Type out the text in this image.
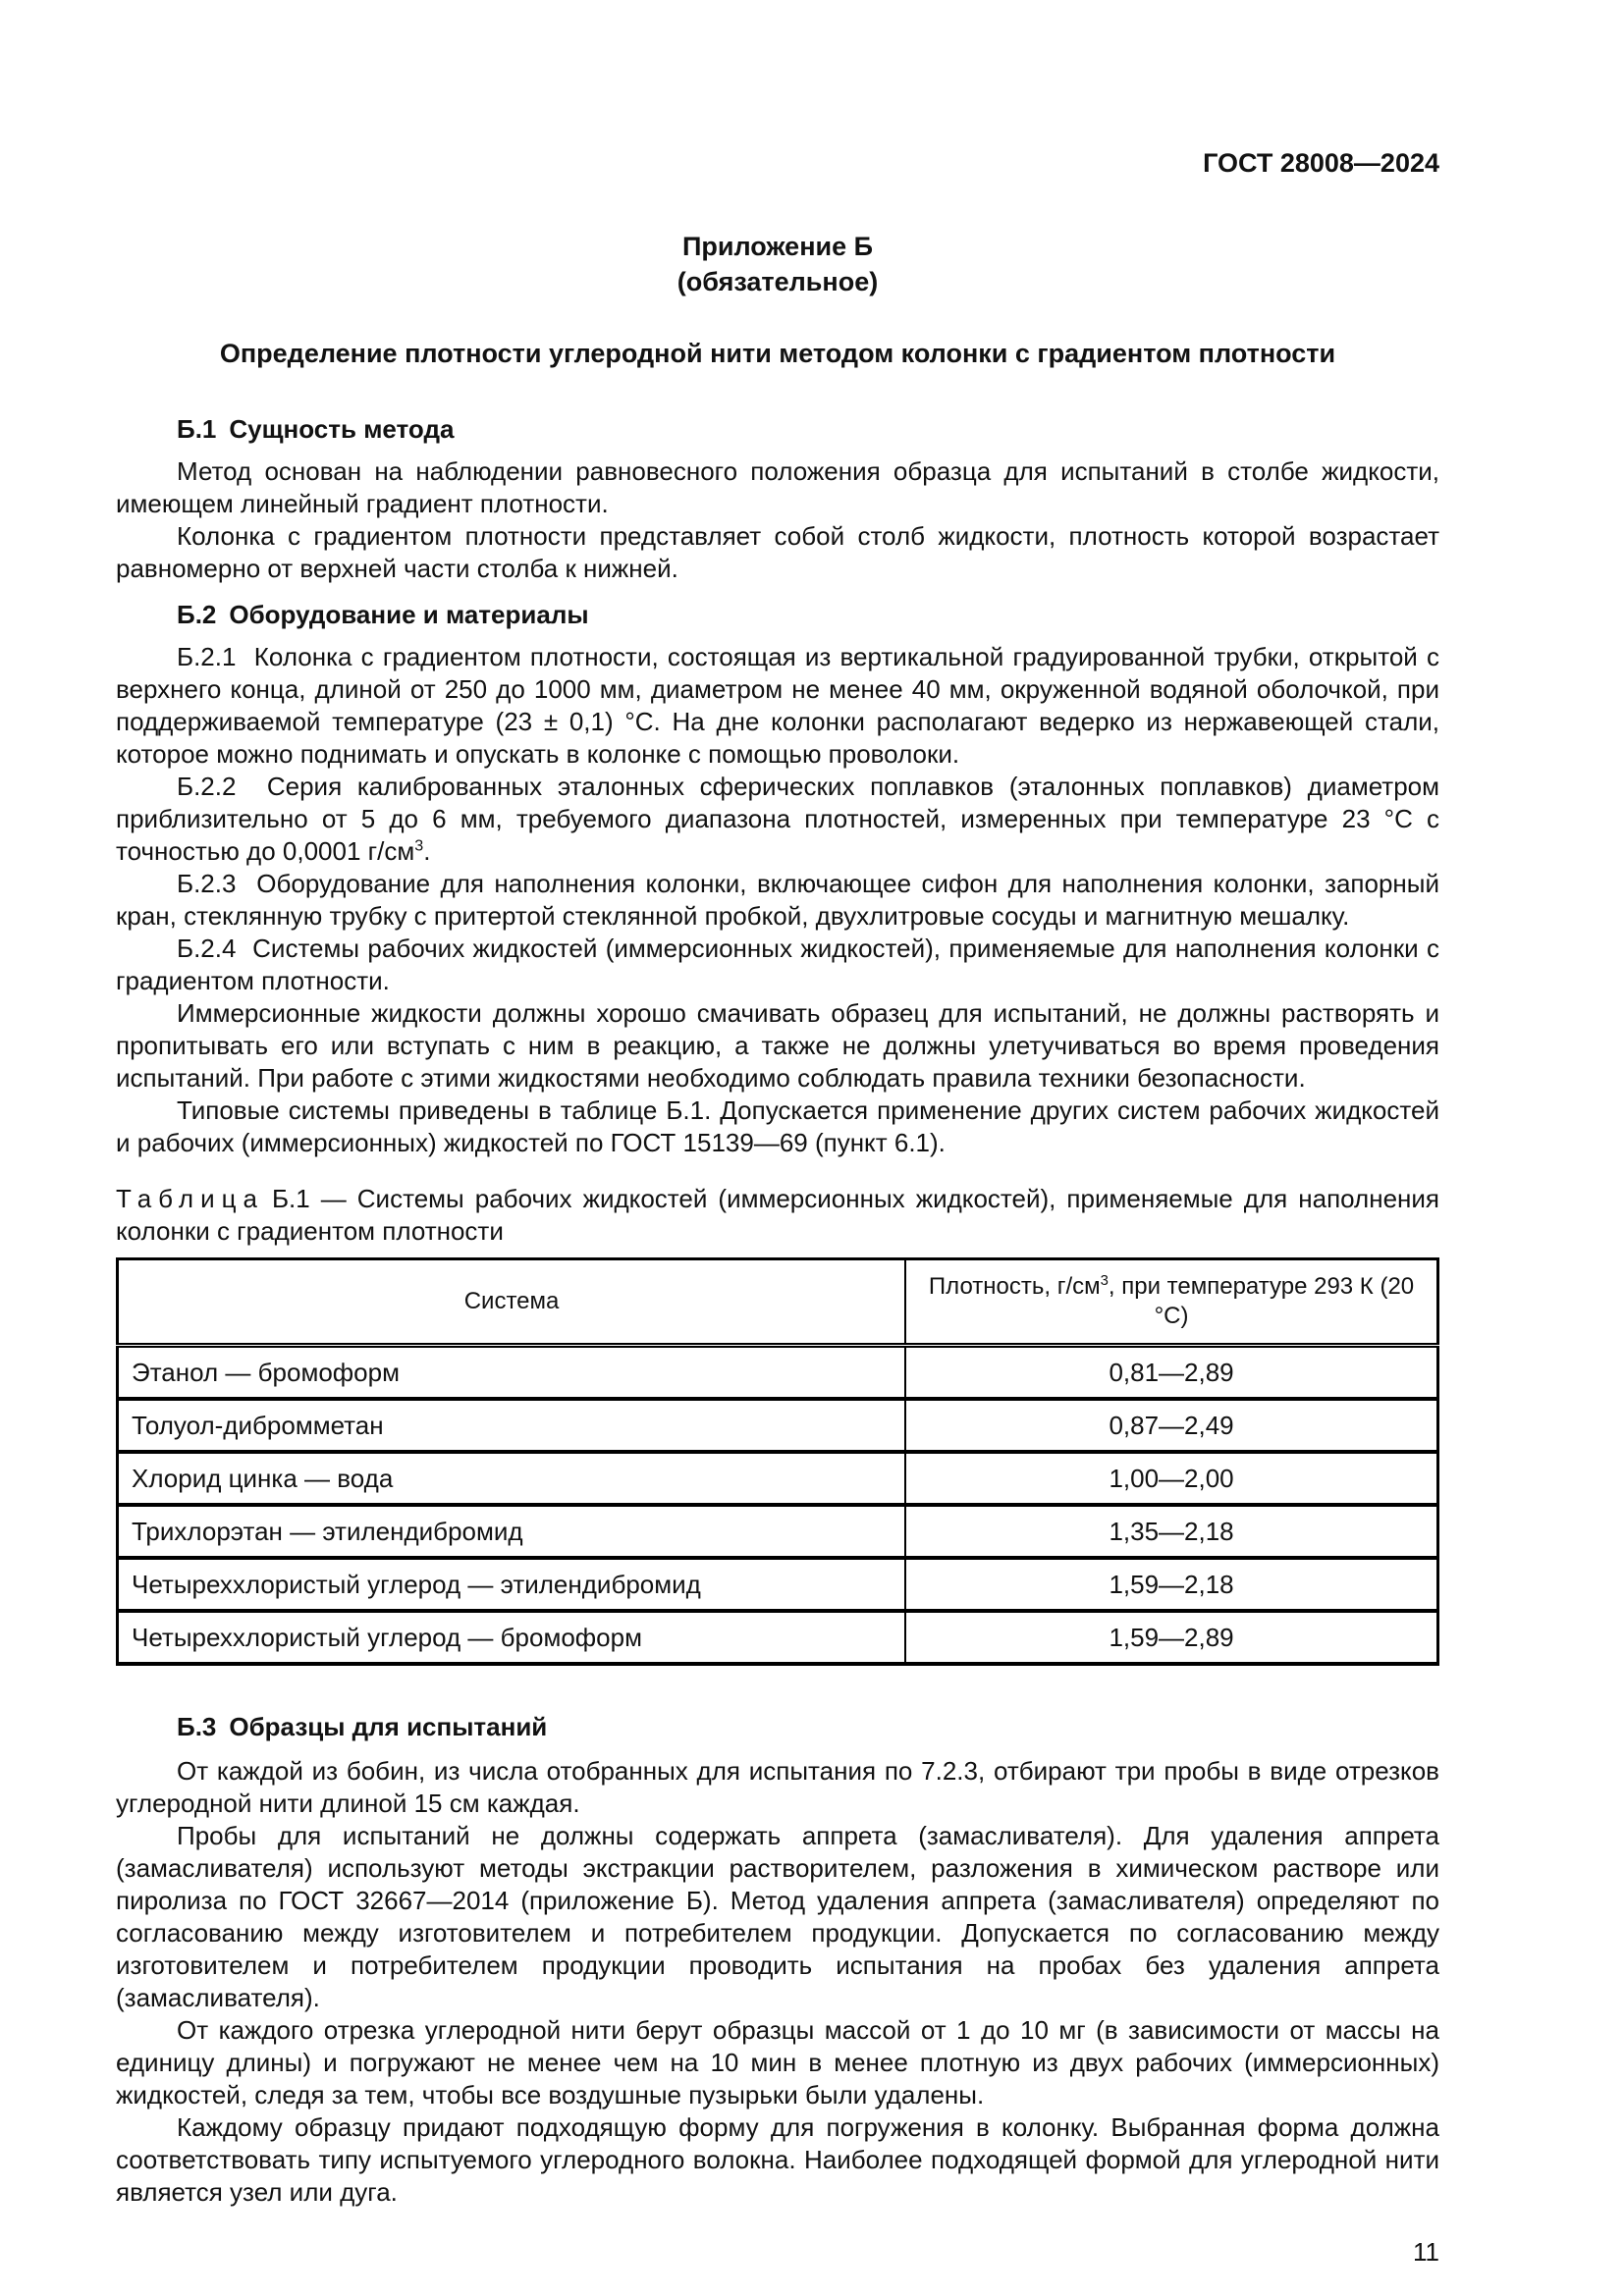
ГОСТ 28008—2024
Приложение Б
(обязательное)
Определение плотности углеродной нити методом колонки с градиентом плотности

Б.1 Сущность метода

Метод основан на наблюдении равновесного положения образца для испытаний в столбе жидкости, имеющем линейный градиент плотности.

Колонка с градиентом плотности представляет собой столб жидкости, плотность которой возрастает равномерно от верхней части столба к нижней.

Б.2 Оборудование и материалы

Б.2.1  Колонка с градиентом плотности, состоящая из вертикальной градуированной трубки, открытой с верхнего конца, длиной от 250 до 1000 мм, диаметром не менее 40 мм, окруженной водяной оболочкой, при поддерживаемой температуре (23 ± 0,1) °С. На дне колонки располагают ведерко из нержавеющей стали, которое можно поднимать и опускать в колонке с помощью проволоки.

Б.2.2  Серия калиброванных эталонных сферических поплавков (эталонных поплавков) диаметром приблизительно от 5 до 6 мм, требуемого диапазона плотностей, измеренных при температуре 23 °С с точностью до 0,0001 $г/см^3$.

Б.2.3  Оборудование для наполнения колонки, включающее сифон для наполнения колонки, запорный кран, стеклянную трубку с притертой стеклянной пробкой, двухлитровые сосуды и магнитную мешалку.

Б.2.4  Системы рабочих жидкостей (иммерсионных жидкостей), применяемые для наполнения колонки с градиентом плотности.

Иммерсионные жидкости должны хорошо смачивать образец для испытаний, не должны растворять и пропитывать его или вступать с ним в реакцию, а также не должны улетучиваться во время проведения испытаний. При работе с этими жидкостями необходимо соблюдать правила техники безопасности.

Типовые системы приведены в таблице Б.1. Допускается применение других систем рабочих жидкостей и рабочих (иммерсионных) жидкостей по ГОСТ 15139—69 (пункт 6.1).

Таблица Б.1 — Системы рабочих жидкостей (иммерсионных жидкостей), применяемые для наполнения колонки с градиентом плотности

Система	Плотность, $г/см^3$, при температуре 293 К (20 °С)
Этанол — бромоформ	0,81—2,89
Толуол-дибромметан	0,87—2,49
Хлорид цинка — вода	1,00—2,00
Трихлорэтан — этилендибромид	1,35—2,18
Четыреххлористый углерод — этилендибромид	1,59—2,18
Четыреххлористый углерод — бромоформ	1,59—2,89

Б.3 Образцы для испытаний

От каждой из бобин, из числа отобранных для испытания по 7.2.3, отбирают три пробы в виде отрезков углеродной нити длиной 15 см каждая.

Пробы для испытаний не должны содержать аппрета (замасливателя). Для удаления аппрета (замасливателя) используют методы экстракции растворителем, разложения в химическом растворе или пиролиза по ГОСТ 32667—2014 (приложение Б). Метод удаления аппрета (замасливателя) определяют по согласованию между изготовителем и потребителем продукции. Допускается по согласованию между изготовителем и потребителем продукции проводить испытания на пробах без удаления аппрета (замасливателя).

От каждого отрезка углеродной нити берут образцы массой от 1 до 10 мг (в зависимости от массы на единицу длины) и погружают не менее чем на 10 мин в менее плотную из двух рабочих (иммерсионных) жидкостей, следя за тем, чтобы все воздушные пузырьки были удалены.

Каждому образцу придают подходящую форму для погружения в колонку. Выбранная форма должна соответствовать типу испытуемого углеродного волокна. Наиболее подходящей формой для углеродной нити является узел или дуга.

11
